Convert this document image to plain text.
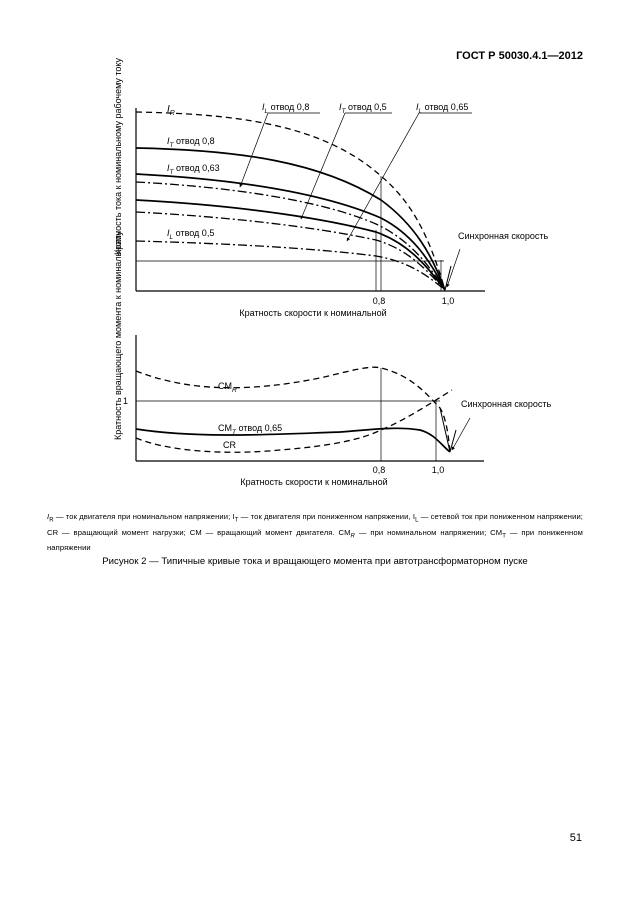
ГОСТ Р 50030.4.1—2012
$I_R$
$I_T$ отвод 0,8
$I_T$ отвод 0,63
$I_L$ отвод 0,5
$I_L$ отвод 0,8	$I_T$ отвод 0,5	$I_L$ отвод 0,65
Синхронная скорость
0,8	1,0
Кратность скорости к номинальной
Кратность тока к номинальному рабочему току
$CM_R$
$CM_T$ отвод 0,65
CR
1	Синхронная скорость
0,8	1,0
Кратность скорости к номинальной
Кратность вращающего момента к номинальному
$I_R$ — ток двигателя при номинальном напряжении; $I_T$ — ток двигателя при пониженном напряжении, $I_L$ — сетевой ток при пониженном напряжении; CR — вращающий момент нагрузки; CM — вращающий момент двигателя. $CM_R$ — при номинальном напряжении; $CM_T$ — при пониженном напряжении
Рисунок 2 — Типичные кривые тока и вращающего момента при автотрансформаторном пуске
51
